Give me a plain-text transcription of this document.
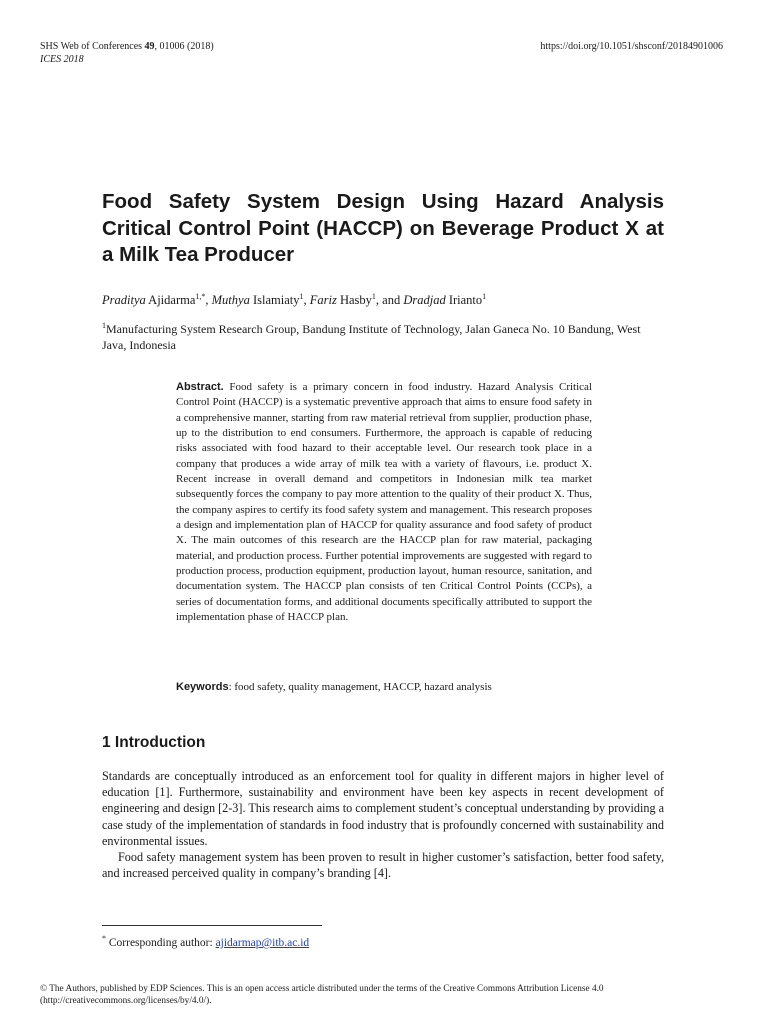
SHS Web of Conferences 49, 01006 (2018)
ICES 2018
https://doi.org/10.1051/shsconf/20184901006
Food Safety System Design Using Hazard Analysis Critical Control Point (HACCP) on Beverage Product X at a Milk Tea Producer
Praditya Ajidarma$^{1,*}$, Muthya Islamiaty$^1$, Fariz Hasby$^1$, and Dradjad Irianto$^1$
$^1$Manufacturing System Research Group, Bandung Institute of Technology, Jalan Ganeca No. 10 Bandung, West Java, Indonesia

Abstract. Food safety is a primary concern in food industry. Hazard Analysis Critical Control Point (HACCP) is a systematic preventive approach that aims to ensure food safety in a comprehensive manner, starting from raw material retrieval from supplier, production phase, up to the distribution to end consumers. Furthermore, the approach is capable of reducing risks associated with food hazard to their acceptable level. Our research took place in a company that produces a wide array of milk tea with a variety of flavours, i.e. product X. Recent increase in overall demand and competitors in Indonesian milk tea market subsequently forces the company to pay more attention to the quality of their product X. Thus, the company aspires to certify its food safety system and management. This research proposes a design and implementation plan of HACCP for quality assurance and food safety of product X. The main outcomes of this research are the HACCP plan for raw material, packaging material, and production process. Further potential improvements are suggested with regard to production process, production equipment, production layout, human resource, sanitation, and documentation system. The HACCP plan consists of ten Critical Control Points (CCPs), a series of documentation forms, and additional documents specifically attributed to support the implementation phase of HACCP plan.

Keywords: food safety, quality management, HACCP, hazard analysis
1 Introduction

Standards are conceptually introduced as an enforcement tool for quality in different majors in higher level of education [1]. Furthermore, sustainability and environment have been key aspects in recent development of engineering and design [2-3]. This research aims to complement student’s conceptual understanding by providing a case study of the implementation of standards in food industry that is profoundly concerned with sustainability and environmental issues.

Food safety management system has been proven to result in higher customer’s satisfaction, better food safety, and increased perceived quality in company’s branding [4].

* Corresponding author: ajidarmap@itb.ac.id
© The Authors, published by EDP Sciences. This is an open access article distributed under the terms of the Creative Commons Attribution License 4.0 (http://creativecommons.org/licenses/by/4.0/).
